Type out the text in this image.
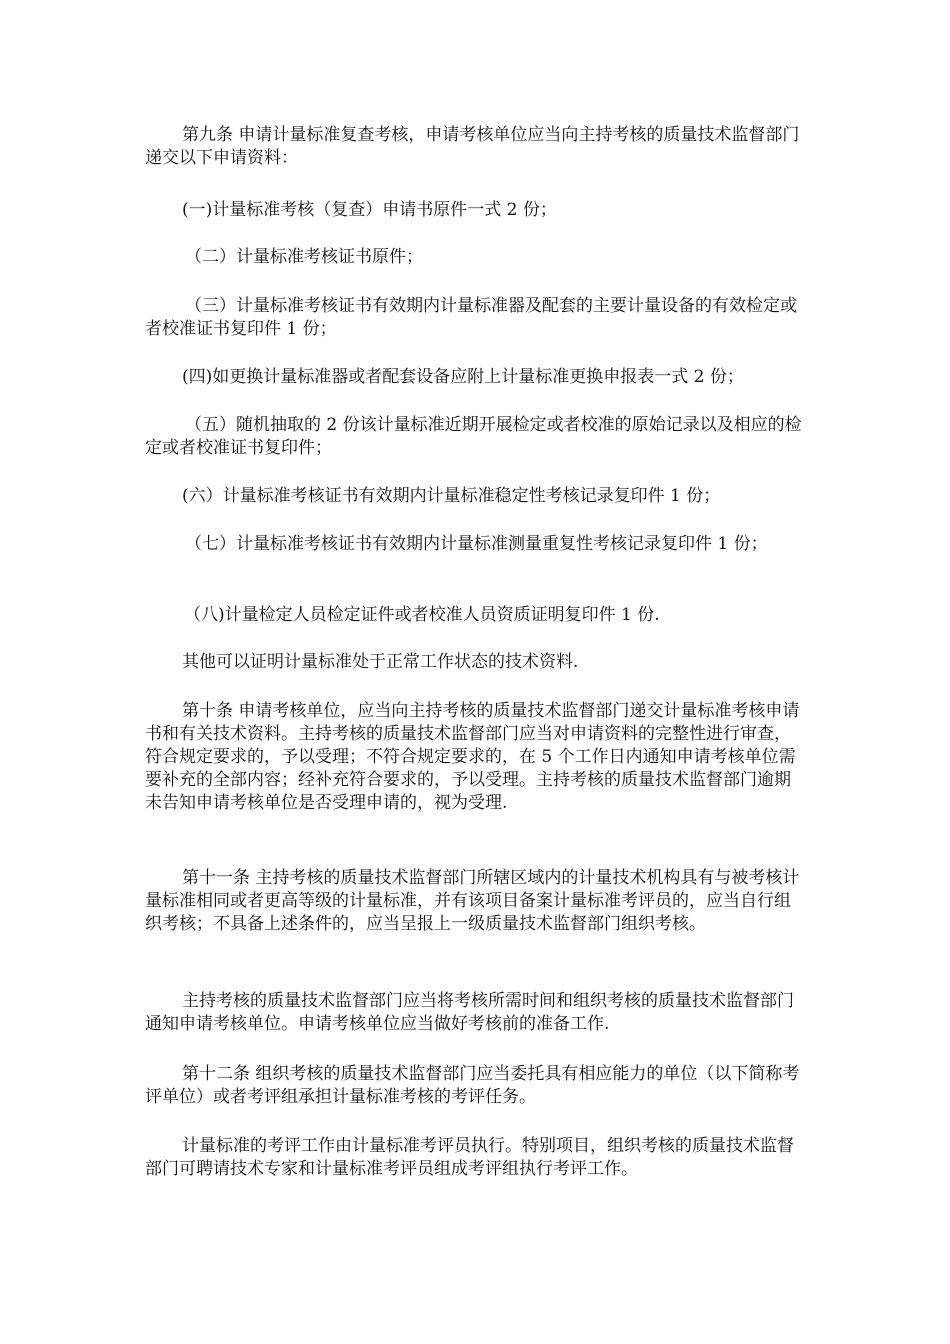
第九条 申请计量标准复查考核，申请考核单位应当向主持考核的质量技术监督部门递交以下申请资料：

(一)计量标准考核（复查）申请书原件一式 2 份；

（二）计量标准考核证书原件；

（三）计量标准考核证书有效期内计量标准器及配套的主要计量设备的有效检定或者校准证书复印件 1 份；

(四)如更换计量标准器或者配套设备应附上计量标准更换申报表一式 2 份；

（五）随机抽取的 2 份该计量标准近期开展检定或者校准的原始记录以及相应的检定或者校准证书复印件；

(六）计量标准考核证书有效期内计量标准稳定性考核记录复印件 1 份；

（七）计量标准考核证书有效期内计量标准测量重复性考核记录复印件 1 份；

（八)计量检定人员检定证件或者校准人员资质证明复印件 1 份.

其他可以证明计量标准处于正常工作状态的技术资料.

第十条 申请考核单位，应当向主持考核的质量技术监督部门递交计量标准考核申请书和有关技术资料。主持考核的质量技术监督部门应当对申请资料的完整性进行审查，符合规定要求的，予以受理；不符合规定要求的，在 5 个工作日内通知申请考核单位需要补充的全部内容；经补充符合要求的，予以受理。主持考核的质量技术监督部门逾期未告知申请考核单位是否受理申请的，视为受理.

第十一条 主持考核的质量技术监督部门所辖区域内的计量技术机构具有与被考核计量标准相同或者更高等级的计量标准，并有该项目备案计量标准考评员的，应当自行组织考核；不具备上述条件的，应当呈报上一级质量技术监督部门组织考核。

主持考核的质量技术监督部门应当将考核所需时间和组织考核的质量技术监督部门通知申请考核单位。申请考核单位应当做好考核前的准备工作.

第十二条 组织考核的质量技术监督部门应当委托具有相应能力的单位（以下简称考评单位）或者考评组承担计量标准考核的考评任务。

计量标准的考评工作由计量标准考评员执行。特别项目，组织考核的质量技术监督部门可聘请技术专家和计量标准考评员组成考评组执行考评工作。
